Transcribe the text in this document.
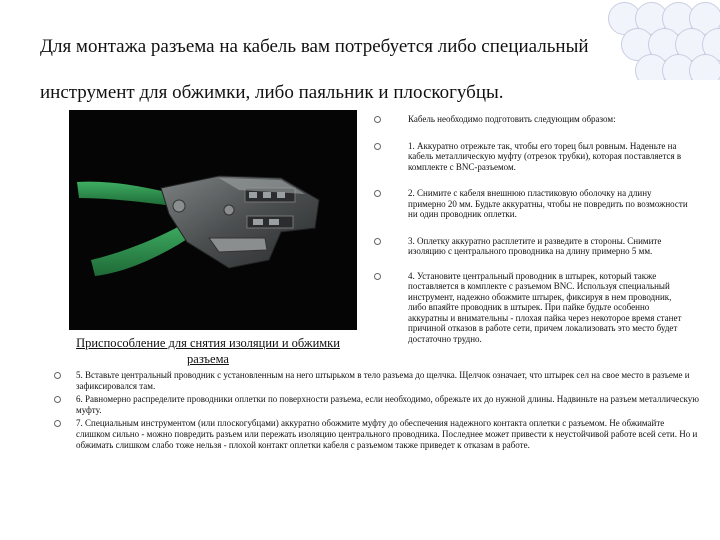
Для монтажа разъема на кабель вам потребуется либо специальный
инструмент для обжимки, либо паяльник и плоскогубцы.
Приспособление для снятия изоляции и обжимки
разъема
Кабель необходимо подготовить следующим образом:
1. Аккуратно отрежьте так, чтобы его торец был ровным. Наденьте на кабель металлическую муфту (отрезок трубки), которая поставляется в комплекте с BNC-разъемом.
2. Снимите с кабеля внешнюю пластиковую оболочку на длину примерно 20 мм. Будьте аккуратны, чтобы не повредить по возможности ни один проводник оплетки.
3. Оплетку аккуратно расплетите и разведите в стороны. Снимите изоляцию с центрального проводника на длину примерно 5 мм.
4. Установите центральный проводник в штырек, который также поставляется в комплекте с разъемом BNC. Используя специальный инструмент, надежно обожмите штырек, фиксируя в нем проводник, либо впаяйте проводник в штырек. При пайке будьте особенно аккуратны и внимательны - плохая пайка через некоторое время станет причиной отказов в работе сети, причем локализовать это место будет достаточно трудно.
5. Вставьте центральный проводник с установленным на него штырьком в тело разъема до щелчка. Щелчок означает, что штырек сел на свое место в разъеме и зафиксировался там.
6. Равномерно распределите проводники оплетки по поверхности разъема, если необходимо, обрежьте их до нужной длины. Надвиньте на разъем металлическую муфту.
7. Специальным инструментом (или плоскогубцами) аккуратно обожмите муфту до обеспечения надежного контакта оплетки с разъемом. Не обжимайте слишком сильно - можно повредить разъем или пережать изоляцию центрального проводника. Последнее может привести к неустойчивой работе всей сети. Но и обжимать слишком слабо тоже нельзя - плохой контакт оплетки кабеля с разъемом также приведет к отказам в работе.
